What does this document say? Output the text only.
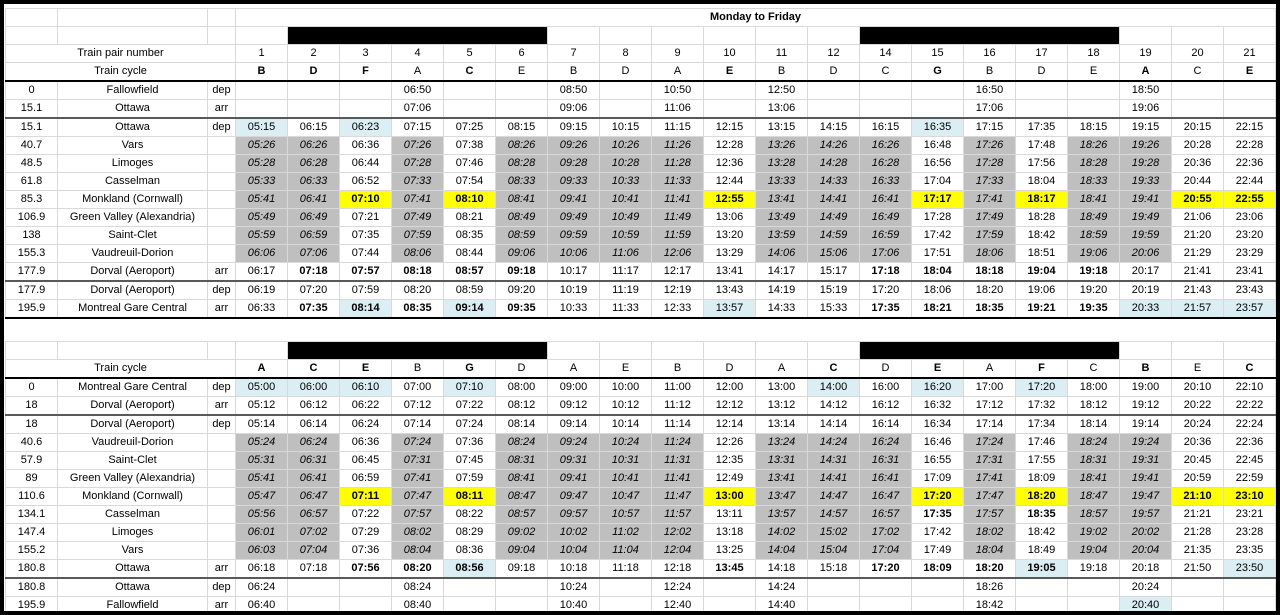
			Monday to Friday																			
				Peak Services											Peak Services							
Train pair number			1	2	3	4	5	6	7	8	9	10	11	12	14	15	16	17	18	19	20	21
Train cycle			B	D	F	A	C	E	B	D	A	E	B	D	C	G	B	D	E	A	C	E
0	Fallowfield	dep				06:50			08:50		10:50		12:50				16:50			18:50		
15.1	Ottawa	arr				07:06			09:06		11:06		13:06				17:06			19:06		
15.1	Ottawa	dep	05:15	06:15	06:23	07:15	07:25	08:15	09:15	10:15	11:15	12:15	13:15	14:15	16:15	16:35	17:15	17:35	18:15	19:15	20:15	22:15
40.7	Vars		05:26	06:26	06:36	07:26	07:38	08:26	09:26	10:26	11:26	12:28	13:26	14:26	16:26	16:48	17:26	17:48	18:26	19:26	20:28	22:28
48.5	Limoges		05:28	06:28	06:44	07:28	07:46	08:28	09:28	10:28	11:28	12:36	13:28	14:28	16:28	16:56	17:28	17:56	18:28	19:28	20:36	22:36
61.8	Casselman		05:33	06:33	06:52	07:33	07:54	08:33	09:33	10:33	11:33	12:44	13:33	14:33	16:33	17:04	17:33	18:04	18:33	19:33	20:44	22:44
85.3	Monkland (Cornwall)		05:41	06:41	07:10	07:41	08:10	08:41	09:41	10:41	11:41	12:55	13:41	14:41	16:41	17:17	17:41	18:17	18:41	19:41	20:55	22:55
106.9	Green Valley (Alexandria)		05:49	06:49	07:21	07:49	08:21	08:49	09:49	10:49	11:49	13:06	13:49	14:49	16:49	17:28	17:49	18:28	18:49	19:49	21:06	23:06
138	Saint-Clet		05:59	06:59	07:35	07:59	08:35	08:59	09:59	10:59	11:59	13:20	13:59	14:59	16:59	17:42	17:59	18:42	18:59	19:59	21:20	23:20
155.3	Vaudreuil-Dorion		06:06	07:06	07:44	08:06	08:44	09:06	10:06	11:06	12:06	13:29	14:06	15:06	17:06	17:51	18:06	18:51	19:06	20:06	21:29	23:29
177.9	Dorval (Aeroport)	arr	06:17	07:18	07:57	08:18	08:57	09:18	10:17	11:17	12:17	13:41	14:17	15:17	17:18	18:04	18:18	19:04	19:18	20:17	21:41	23:41
177.9	Dorval (Aeroport)	dep	06:19	07:20	07:59	08:20	08:59	09:20	10:19	11:19	12:19	13:43	14:19	15:19	17:20	18:06	18:20	19:06	19:20	20:19	21:43	23:43
195.9	Montreal Gare Central	arr	06:33	07:35	08:14	08:35	09:14	09:35	10:33	11:33	12:33	13:57	14:33	15:33	17:35	18:21	18:35	19:21	19:35	20:33	21:57	23:57
				Peak Services											Peak Services							
Train cycle			A	C	E	B	G	D	A	E	B	D	A	C	D	E	A	F	C	B	E	C
0	Montreal Gare Central	dep	05:00	06:00	06:10	07:00	07:10	08:00	09:00	10:00	11:00	12:00	13:00	14:00	16:00	16:20	17:00	17:20	18:00	19:00	20:10	22:10
18	Dorval (Aeroport)	arr	05:12	06:12	06:22	07:12	07:22	08:12	09:12	10:12	11:12	12:12	13:12	14:12	16:12	16:32	17:12	17:32	18:12	19:12	20:22	22:22
18	Dorval (Aeroport)	dep	05:14	06:14	06:24	07:14	07:24	08:14	09:14	10:14	11:14	12:14	13:14	14:14	16:14	16:34	17:14	17:34	18:14	19:14	20:24	22:24
40.6	Vaudreuil-Dorion		05:24	06:24	06:36	07:24	07:36	08:24	09:24	10:24	11:24	12:26	13:24	14:24	16:24	16:46	17:24	17:46	18:24	19:24	20:36	22:36
57.9	Saint-Clet		05:31	06:31	06:45	07:31	07:45	08:31	09:31	10:31	11:31	12:35	13:31	14:31	16:31	16:55	17:31	17:55	18:31	19:31	20:45	22:45
89	Green Valley (Alexandria)		05:41	06:41	06:59	07:41	07:59	08:41	09:41	10:41	11:41	12:49	13:41	14:41	16:41	17:09	17:41	18:09	18:41	19:41	20:59	22:59
110.6	Monkland (Cornwall)		05:47	06:47	07:11	07:47	08:11	08:47	09:47	10:47	11:47	13:00	13:47	14:47	16:47	17:20	17:47	18:20	18:47	19:47	21:10	23:10
134.1	Casselman		05:56	06:57	07:22	07:57	08:22	08:57	09:57	10:57	11:57	13:11	13:57	14:57	16:57	17:35	17:57	18:35	18:57	19:57	21:21	23:21
147.4	Limoges		06:01	07:02	07:29	08:02	08:29	09:02	10:02	11:02	12:02	13:18	14:02	15:02	17:02	17:42	18:02	18:42	19:02	20:02	21:28	23:28
155.2	Vars		06:03	07:04	07:36	08:04	08:36	09:04	10:04	11:04	12:04	13:25	14:04	15:04	17:04	17:49	18:04	18:49	19:04	20:04	21:35	23:35
180.8	Ottawa	arr	06:18	07:18	07:56	08:20	08:56	09:18	10:18	11:18	12:18	13:45	14:18	15:18	17:20	18:09	18:20	19:05	19:18	20:18	21:50	23:50
180.8	Ottawa	dep	06:24			08:24			10:24		12:24		14:24				18:26			20:24		
195.9	Fallowfield	arr	06:40			08:40			10:40		12:40		14:40				18:42			20:40		
